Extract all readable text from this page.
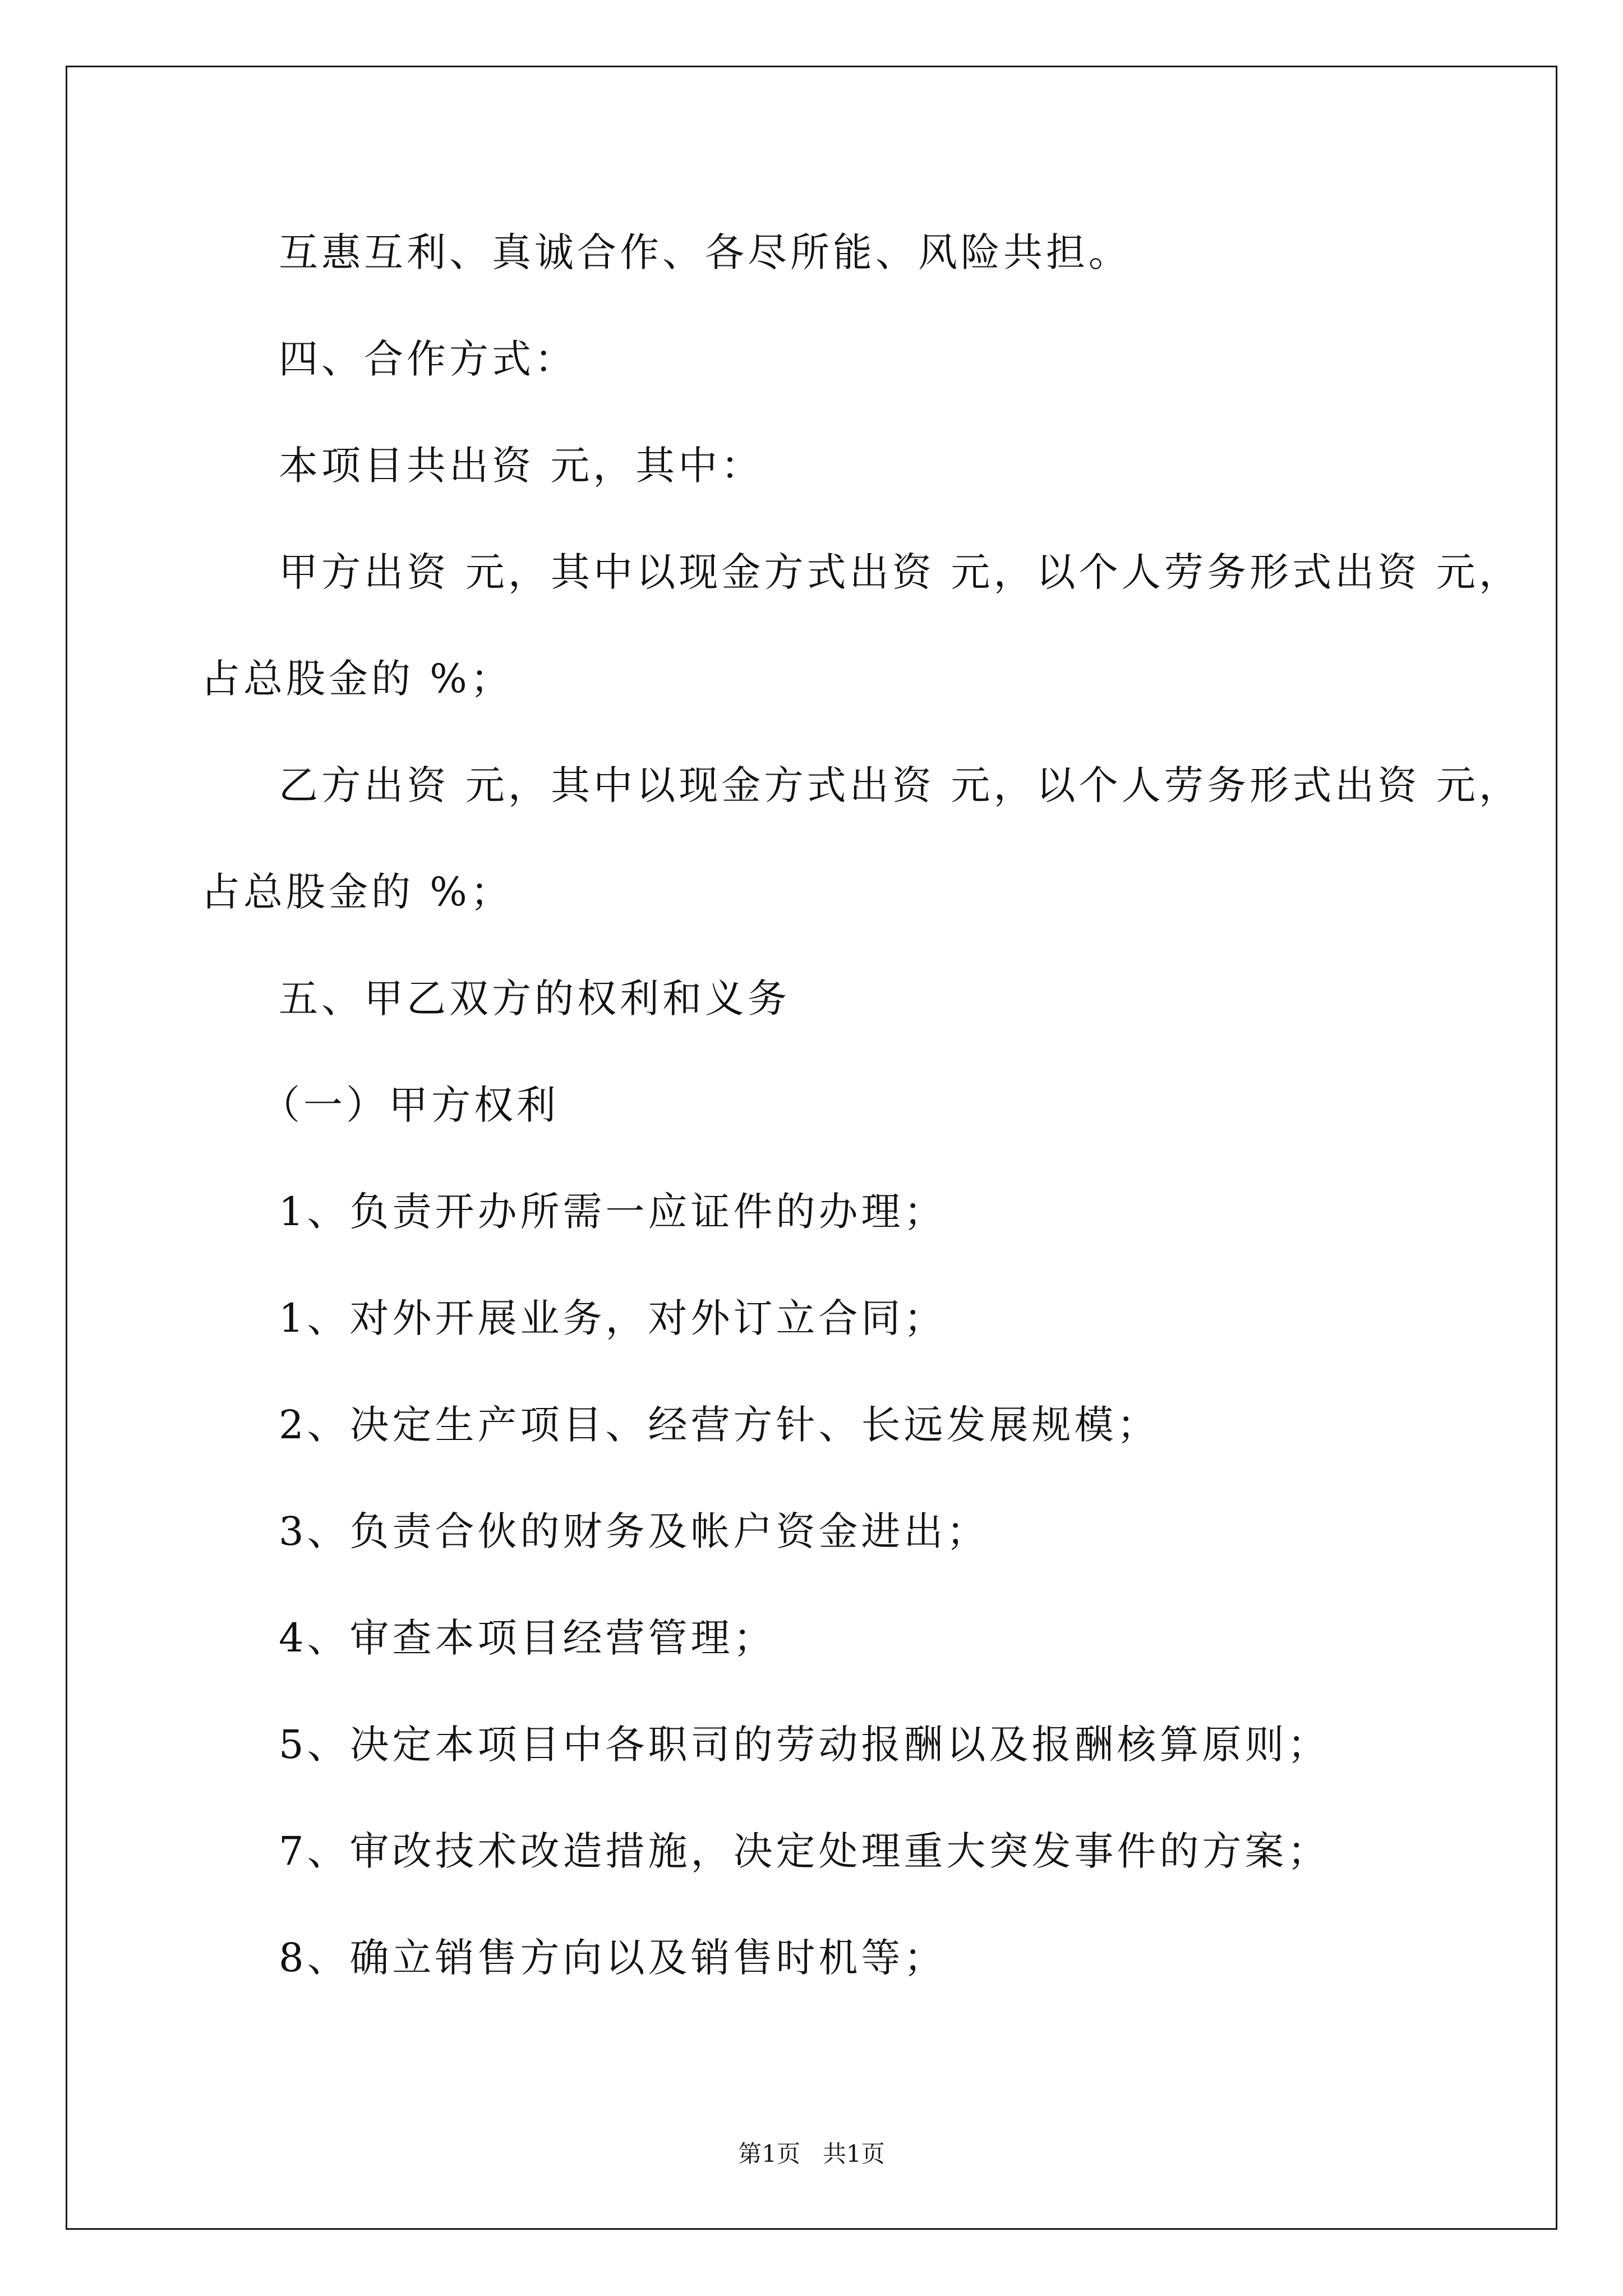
互惠互利、真诚合作、各尽所能、风险共担。
四、合作方式：
本项目共出资 元，其中：
甲方出资 元，其中以现金方式出资 元，以个人劳务形式出资 元，
占总股金的 %；
乙方出资 元，其中以现金方式出资 元，以个人劳务形式出资 元，
占总股金的 %；
五、甲乙双方的权利和义务
（一）甲方权利
1、负责开办所需一应证件的办理；
1、对外开展业务，对外订立合同；
2、决定生产项目、经营方针、长远发展规模；
3、负责合伙的财务及帐户资金进出；
4、审查本项目经营管理；
5、决定本项目中各职司的劳动报酬以及报酬核算原则；
7、审改技术改造措施，决定处理重大突发事件的方案；
8、确立销售方向以及销售时机等；
第1页   共1页
